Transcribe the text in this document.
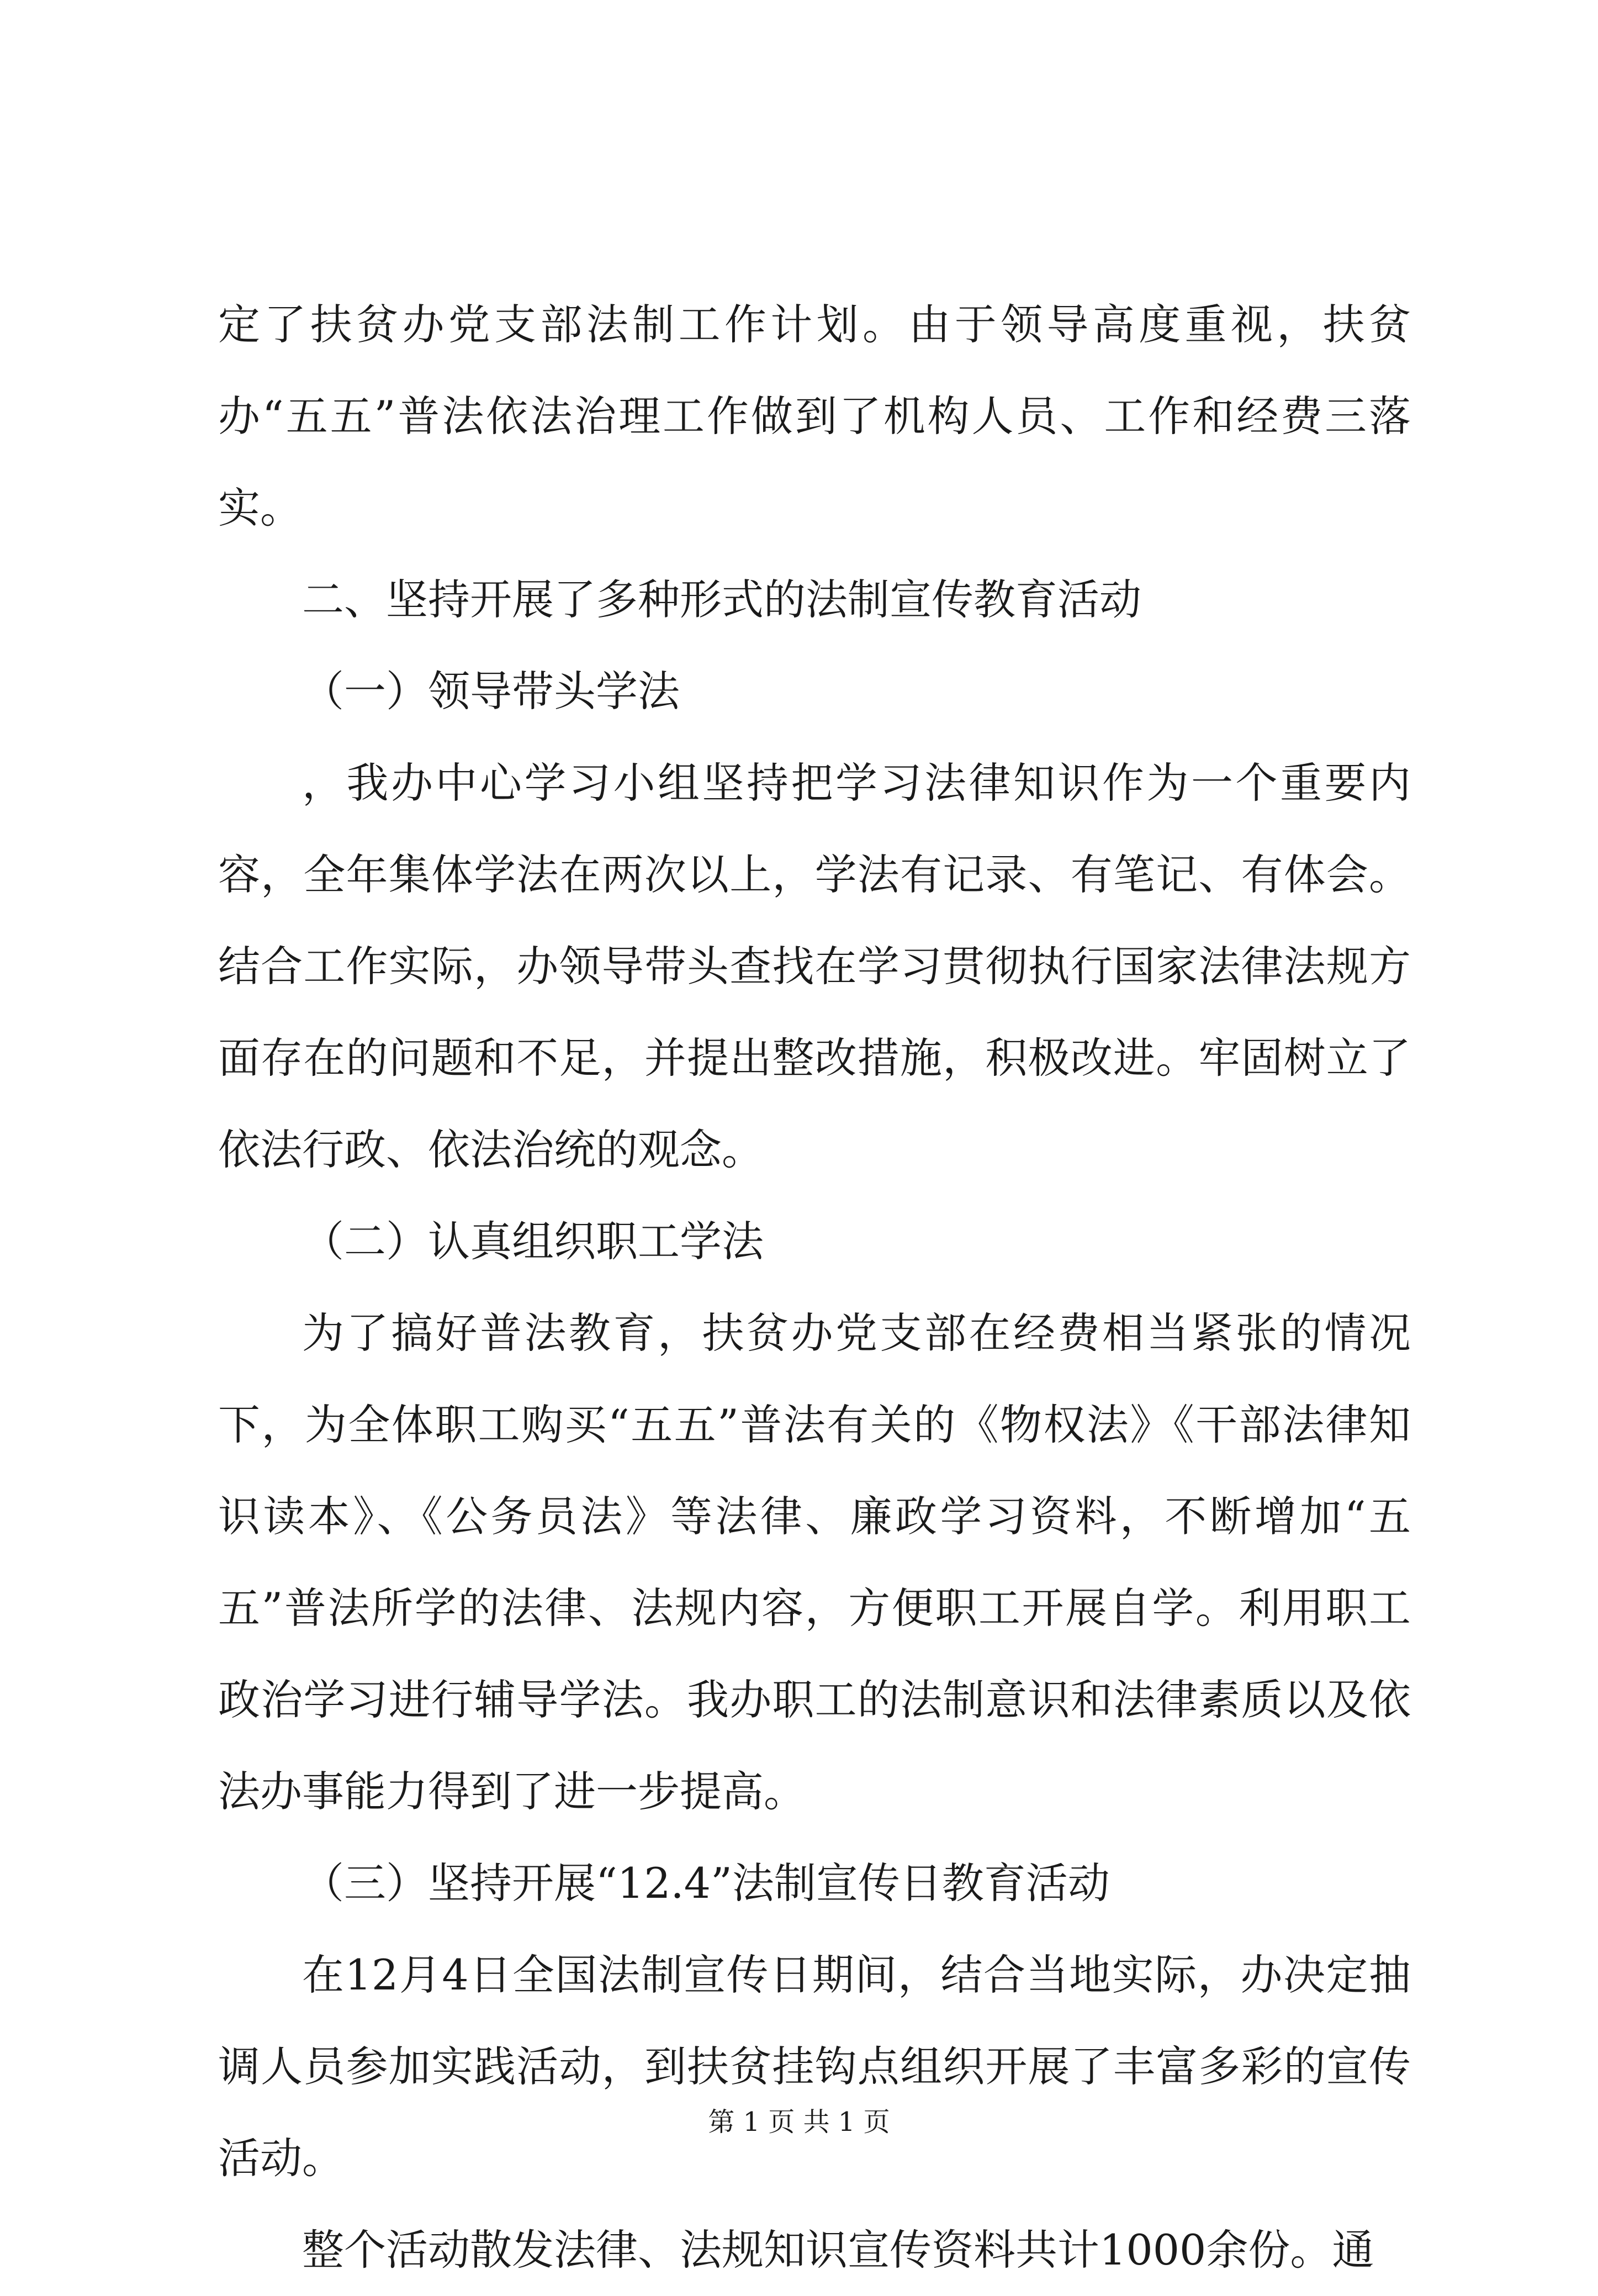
定了扶贫办党支部法制工作计划。由于领导高度重视，扶贫办“五五”普法依法治理工作做到了机构人员、工作和经费三落实。

二、坚持开展了多种形式的法制宣传教育活动

（一）领导带头学法

，我办中心学习小组坚持把学习法律知识作为一个重要内容，全年集体学法在两次以上，学法有记录、有笔记、有体会。结合工作实际，办领导带头查找在学习贯彻执行国家法律法规方面存在的问题和不足，并提出整改措施，积极改进。牢固树立了依法行政、依法治统的观念。

（二）认真组织职工学法

为了搞好普法教育，扶贫办党支部在经费相当紧张的情况下，为全体职工购买“五五”普法有关的《物权法》《干部法律知识读本》、《公务员法》等法律、廉政学习资料，不断增加“五五”普法所学的法律、法规内容，方便职工开展自学。利用职工政治学习进行辅导学法。我办职工的法制意识和法律素质以及依法办事能力得到了进一步提高。

（三）坚持开展“12.4”法制宣传日教育活动

在12月4日全国法制宣传日期间，结合当地实际，办决定抽调人员参加实践活动，到扶贫挂钩点组织开展了丰富多彩的宣传活动。

整个活动散发法律、法规知识宣传资料共计1000余份。通

第 1 页 共 1 页
